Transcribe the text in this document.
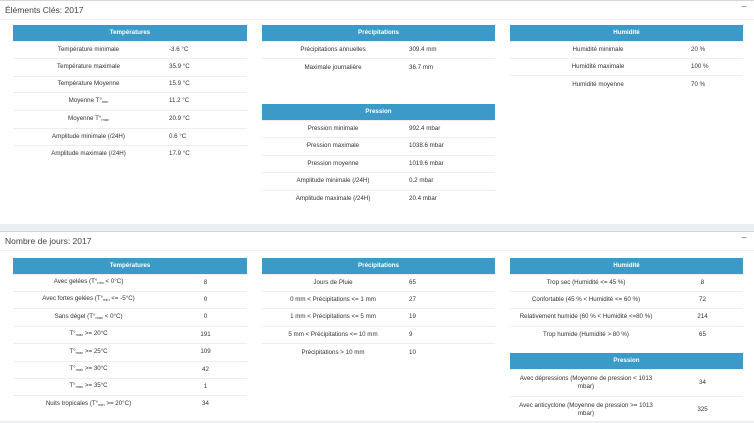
Éléments Clés: 2017	−
Températures	
Température minimale	-3.6 °C
Température maximale	35.9 °C
Température Moyenne	15.9 °C
Moyenne $T^\circ_{min}$	11.2 °C
Moyenne $T^\circ_{max}$	20.9 °C
Amplitude minimale (/24H)	0.6 °C
Amplitude maximale (/24H)	17.9 °C
Précipitations	
Précipitations annuelles	309.4 mm
Maximale journalière	36.7 mm
Pression	
Pression minimale	992.4 mbar
Pression maximale	1038.6 mbar
Pression moyenne	1019.6 mbar
Amplitude minimale (/24H)	0.2 mbar
Amplitude maximale (/24H)	20.4 mbar
Humidité	
Humidité minimale	20 %
Humidité maximale	100 %
Humidité moyenne	70 %
Nombre de jours: 2017	−
Températures	
Avec gelées $(T^\circ_{min} < 0^\circ C)$	8
Avec fortes gelées $(T^\circ_{min} <= -5^\circ C)$	0
Sans dégel $(T^\circ_{max} < 0^\circ C)$	0
$T^\circ_{max} >= 20^\circ C$	191
$T^\circ_{max} >= 25^\circ C$	109
$T^\circ_{max} >= 30^\circ C$	42
$T^\circ_{max} >= 35^\circ C$	1
Nuits tropicales $(T^\circ_{min} >= 20^\circ C)$	34
Précipitations	
Jours de Pluie	65
0 mm < Précipitations <= 1 mm	27
1 mm < Précipitations <= 5 mm	19
5 mm < Précipitations <= 10 mm	9
Précipitations > 10 mm	10
Humidité	
Trop sec (Humidité <= 45 %)	8
Confortable (45 % < Humidité <= 60 %)	72
Relativement humide (60 % < Humidité <=80 %)	214
Trop humide (Humidité > 80 %)	65
Pression	
Avec dépressions (Moyenne de pression < 1013 mbar)	34
Avec anticyclone (Moyenne de pression >= 1013 mbar)	325
